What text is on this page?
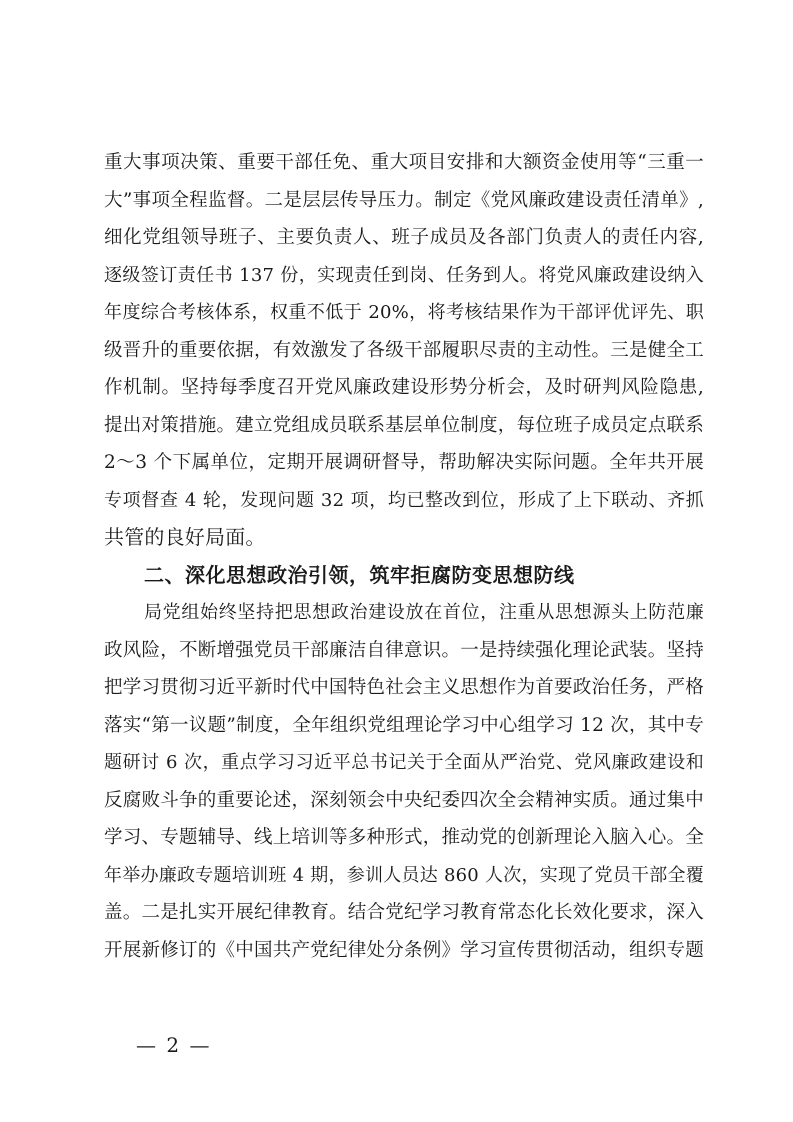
重大事项决策、重要干部任免、重大项目安排和大额资金使用等“三重一
大”事项全程监督。二是层层传导压力。制定《党风廉政建设责任清单》,
细化党组领导班子、主要负责人、班子成员及各部门负责人的责任内容,
逐级签订责任书 137 份，实现责任到岗、任务到人。将党风廉政建设纳入
年度综合考核体系，权重不低于 20%，将考核结果作为干部评优评先、职
级晋升的重要依据，有效激发了各级干部履职尽责的主动性。三是健全工
作机制。坚持每季度召开党风廉政建设形势分析会，及时研判风险隐患,
提出对策措施。建立党组成员联系基层单位制度，每位班子成员定点联系
2～3 个下属单位，定期开展调研督导，帮助解决实际问题。全年共开展
专项督查 4 轮，发现问题 32 项，均已整改到位，形成了上下联动、齐抓
共管的良好局面。
二、深化思想政治引领，筑牢拒腐防变思想防线
局党组始终坚持把思想政治建设放在首位，注重从思想源头上防范廉
政风险，不断增强党员干部廉洁自律意识。一是持续强化理论武装。坚持
把学习贯彻习近平新时代中国特色社会主义思想作为首要政治任务，严格
落实“第一议题”制度，全年组织党组理论学习中心组学习 12 次，其中专
题研讨 6 次，重点学习习近平总书记关于全面从严治党、党风廉政建设和
反腐败斗争的重要论述，深刻领会中央纪委四次全会精神实质。通过集中
学习、专题辅导、线上培训等多种形式，推动党的创新理论入脑入心。全
年举办廉政专题培训班 4 期，参训人员达 860 人次，实现了党员干部全覆
盖。二是扎实开展纪律教育。结合党纪学习教育常态化长效化要求，深入
开展新修订的《中国共产党纪律处分条例》学习宣传贯彻活动，组织专题
— 2 —
